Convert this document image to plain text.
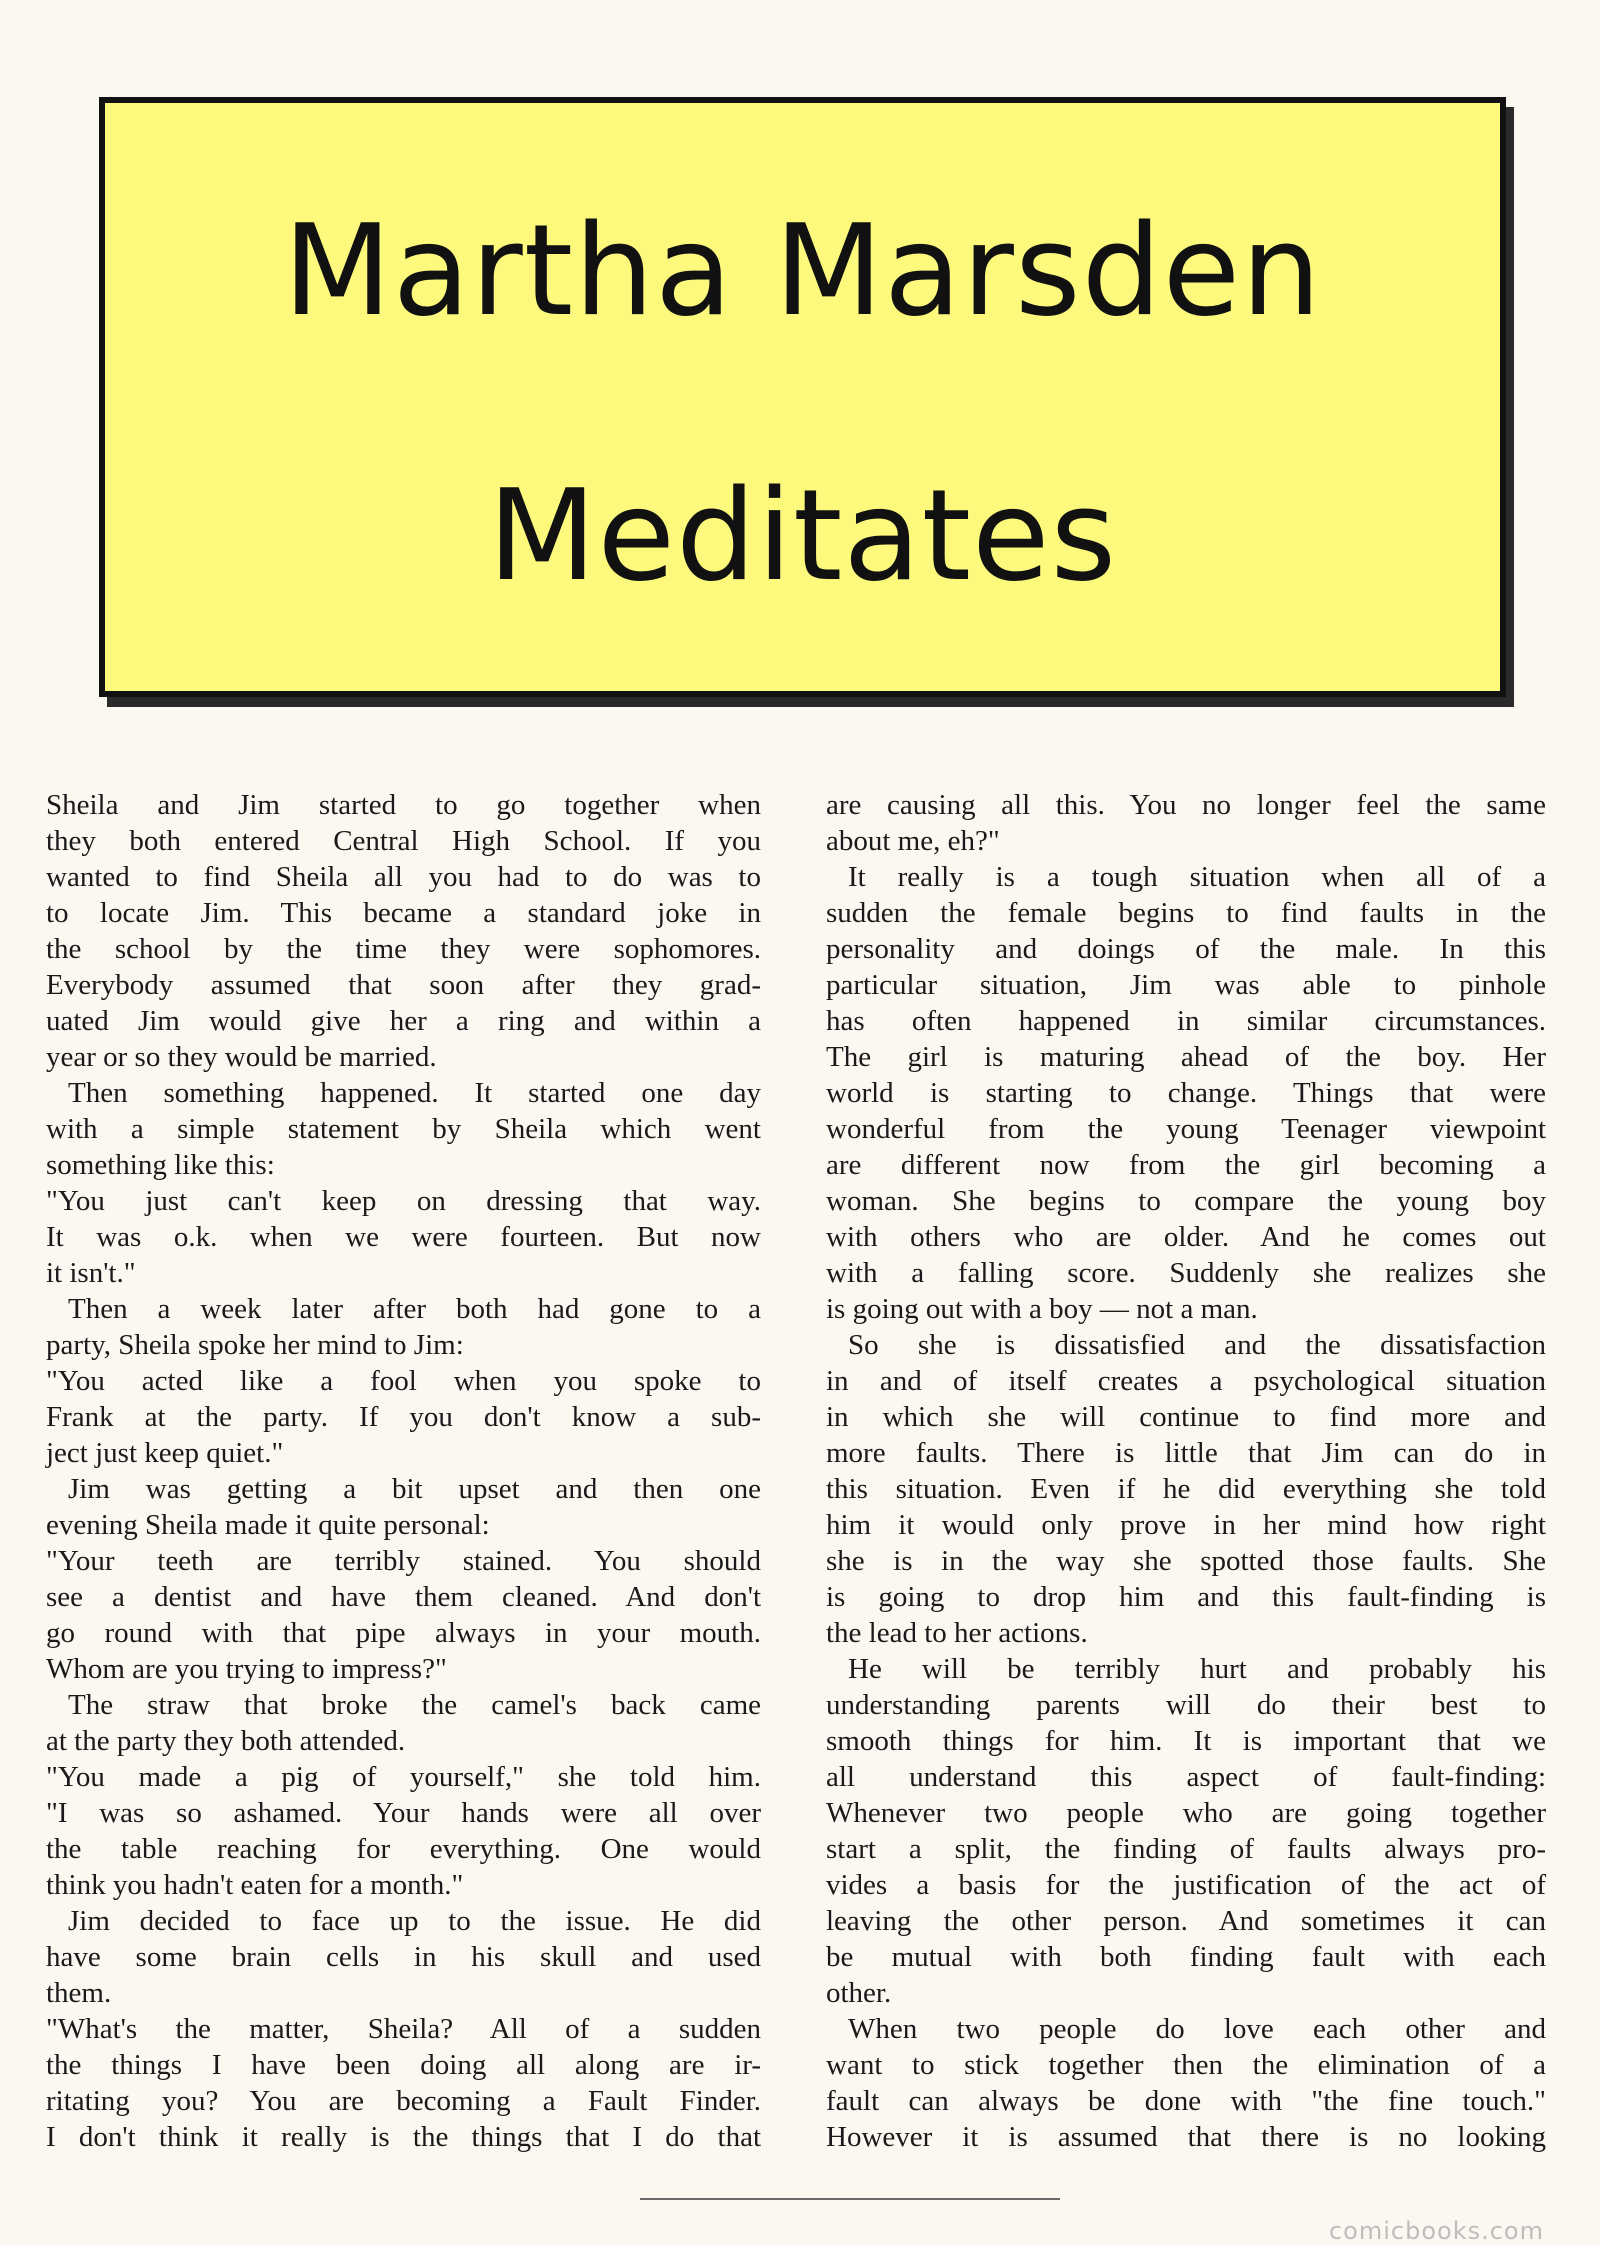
Martha Marsden
Meditates
Sheila and Jim started to go together when
they both entered Central High School. If you
wanted to find Sheila all you had to do was to
to locate Jim. This became a standard joke in
the school by the time they were sophomores.
Everybody assumed that soon after they grad-
uated Jim would give her a ring and within a
year or so they would be married.
Then something happened. It started one day
with a simple statement by Sheila which went
something like this:
"You just can't keep on dressing that way.
It was o.k. when we were fourteen. But now
it isn't."
Then a week later after both had gone to a
party, Sheila spoke her mind to Jim:
"You acted like a fool when you spoke to
Frank at the party. If you don't know a sub-
ject just keep quiet."
Jim was getting a bit upset and then one
evening Sheila made it quite personal:
"Your teeth are terribly stained. You should
see a dentist and have them cleaned. And don't
go round with that pipe always in your mouth.
Whom are you trying to impress?"
The straw that broke the camel's back came
at the party they both attended.
"You made a pig of yourself," she told him.
"I was so ashamed. Your hands were all over
the table reaching for everything. One would
think you hadn't eaten for a month."
Jim decided to face up to the issue. He did
have some brain cells in his skull and used
them.
"What's the matter, Sheila? All of a sudden
the things I have been doing all along are ir-
ritating you? You are becoming a Fault Finder.
I don't think it really is the things that I do that
are causing all this. You no longer feel the same
about me, eh?"
It really is a tough situation when all of a
sudden the female begins to find faults in the
personality and doings of the male. In this
particular situation, Jim was able to pinhole
has often happened in similar circumstances.
The girl is maturing ahead of the boy. Her
world is starting to change. Things that were
wonderful from the young Teenager viewpoint
are different now from the girl becoming a
woman. She begins to compare the young boy
with others who are older. And he comes out
with a falling score. Suddenly she realizes she
is going out with a boy — not a man.
So she is dissatisfied and the dissatisfaction
in and of itself creates a psychological situation
in which she will continue to find more and
more faults. There is little that Jim can do in
this situation. Even if he did everything she told
him it would only prove in her mind how right
she is in the way she spotted those faults. She
is going to drop him and this fault-finding is
the lead to her actions.
He will be terribly hurt and probably his
understanding parents will do their best to
smooth things for him. It is important that we
all understand this aspect of fault-finding:
Whenever two people who are going together
start a split, the finding of faults always pro-
vides a basis for the justification of the act of
leaving the other person. And sometimes it can
be mutual with both finding fault with each
other.
When two people do love each other and
want to stick together then the elimination of a
fault can always be done with "the fine touch."
However it is assumed that there is no looking
comicbooks.com
